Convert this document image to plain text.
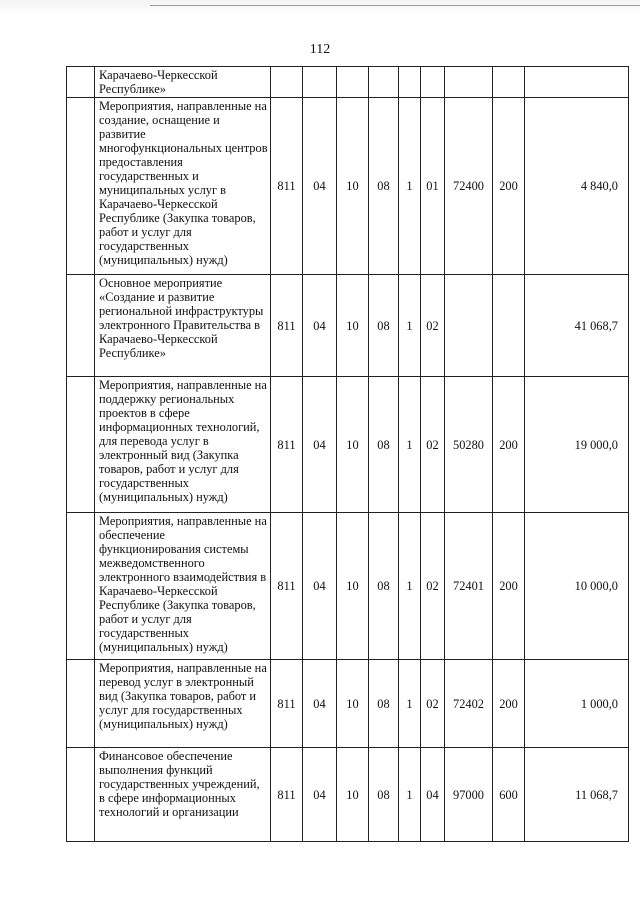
112
	Карачаево-Черкесской Республике»									
	Мероприятия, направленные на создание, оснащение и развитие многофункциональных центров предоставления государственных и муниципальных услуг в Карачаево-Черкесской Республике (Закупка товаров, работ и услуг для государственных (муниципальных) нужд)	811	04	10	08	1	01	72400	200	4 840,0
	Основное мероприятие «Создание и развитие региональной инфраструктуры электронного Правительства в Карачаево-Черкесской Республике»	811	04	10	08	1	02			41 068,7
	Мероприятия, направленные на поддержку региональных проектов в сфере информационных технологий, для перевода услуг в электронный вид (Закупка товаров, работ и услуг для государственных (муниципальных) нужд)	811	04	10	08	1	02	50280	200	19 000,0
	Мероприятия, направленные на обеспечение функционирования системы межведомственного электронного взаимодействия в Карачаево-Черкесской Республике (Закупка товаров, работ и услуг для государственных (муниципальных) нужд)	811	04	10	08	1	02	72401	200	10 000,0
	Мероприятия, направленные на перевод услуг в электронный вид (Закупка товаров, работ и услуг для государственных (муниципальных) нужд)	811	04	10	08	1	02	72402	200	1 000,0
	Финансовое обеспечение выполнения функций государственных учреждений, в сфере информационных технологий и организации	811	04	10	08	1	04	97000	600	11 068,7
